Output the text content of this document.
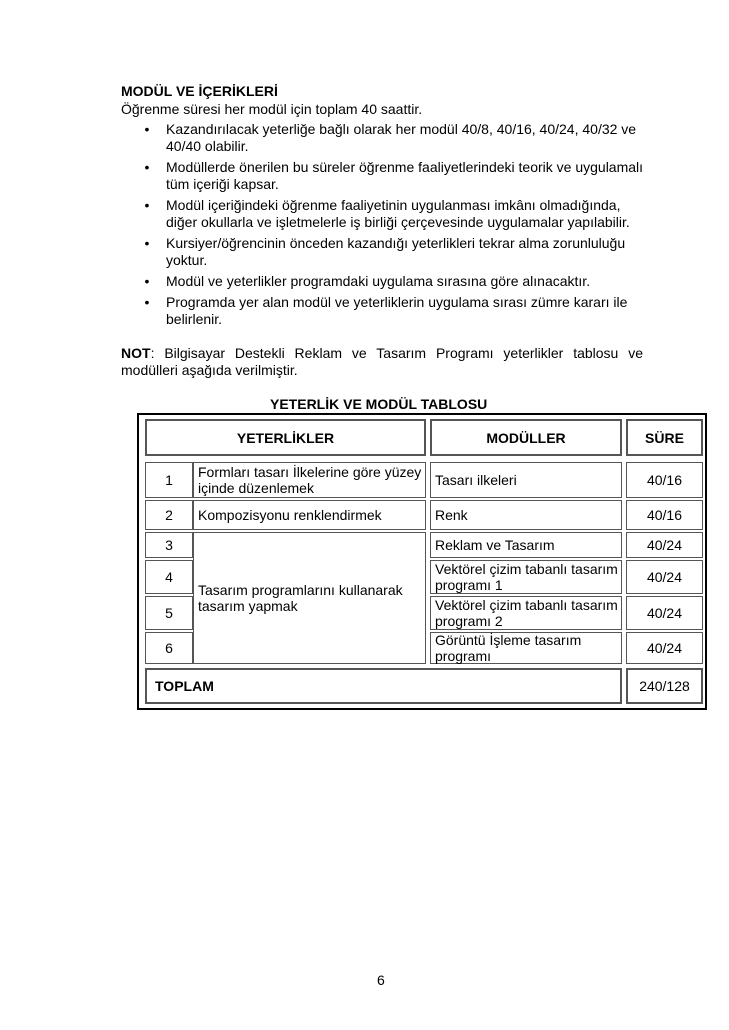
MODÜL VE İÇERİKLERİ
Öğrenme süresi her modül için toplam 40 saattir.
•	Kazandırılacak yeterliğe bağlı olarak her modül 40/8, 40/16, 40/24, 40/32 ve 40/40 olabilir.
•	Modüllerde önerilen bu süreler öğrenme faaliyetlerindeki teorik ve uygulamalı tüm içeriği kapsar.
•	Modül içeriğindeki öğrenme faaliyetinin uygulanması imkânı olmadığında, diğer okullarla ve işletmelerle iş birliği çerçevesinde uygulamalar yapılabilir.
•	Kursiyer/öğrencinin önceden kazandığı yeterlikleri tekrar alma zorunluluğu yoktur.
•	Modül ve yeterlikler programdaki uygulama sırasına göre alınacaktır.
•	Programda yer alan modül ve yeterliklerin uygulama sırası zümre kararı ile belirlenir.
NOT: Bilgisayar Destekli Reklam ve Tasarım Programı yeterlikler tablosu ve modülleri aşağıda verilmiştir.
YETERLİK VE MODÜL TABLOSU
YETERLİKLER	MODÜLLER	SÜRE
1	Formları tasarı İlkelerine göre yüzey içinde düzenlemek	Tasarı ilkeleri	40/16
2	Kompozisyonu renklendirmek	Renk	40/16
Tasarım programlarını kullanarak tasarım yapmak
3	Reklam ve Tasarım	40/24
4	Vektörel çizim tabanlı tasarım programı 1	40/24
5	Vektörel çizim tabanlı tasarım programı 2	40/24
6	Görüntü İşleme tasarım programı	40/24
TOPLAM	240/128
6
